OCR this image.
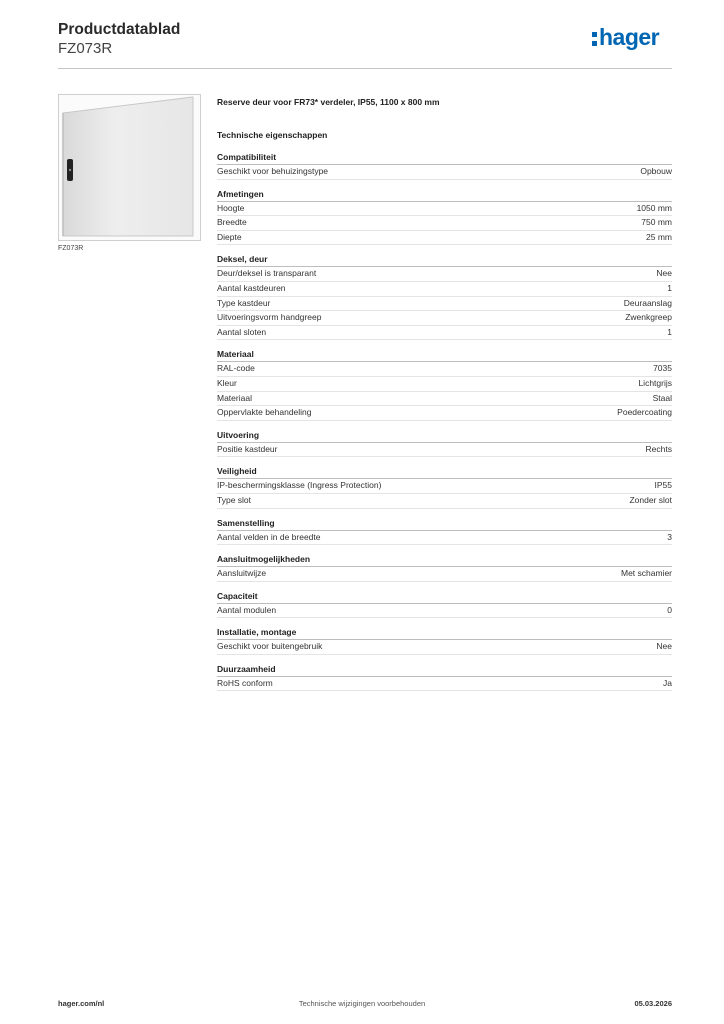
Productdatablad
FZ073R	hager
FZ073R
Reserve deur voor FR73* verdeler, IP55, 1100 x 800 mm
Technische eigenschappen
Compatibiliteit
Geschikt voor behuizingstype	Opbouw
Afmetingen
Hoogte	1050 mm
Breedte	750 mm
Diepte	25 mm
Deksel, deur
Deur/deksel is transparant	Nee
Aantal kastdeuren	1
Type kastdeur	Deuraanslag
Uitvoeringsvorm handgreep	Zwenkgreep
Aantal sloten	1
Materiaal
RAL-code	7035
Kleur	Lichtgrijs
Materiaal	Staal
Oppervlakte behandeling	Poedercoating
Uitvoering
Positie kastdeur	Rechts
Veiligheid
IP-beschermingsklasse (Ingress Protection)	IP55
Type slot	Zonder slot
Samenstelling
Aantal velden in de breedte	3
Aansluitmogelijkheden
Aansluitwijze	Met schamier
Capaciteit
Aantal modulen	0
Installatie, montage
Geschikt voor buitengebruik	Nee
Duurzaamheid
RoHS conform	Ja
hager.com/nl	Technische wijzigingen voorbehouden	05.03.2026
